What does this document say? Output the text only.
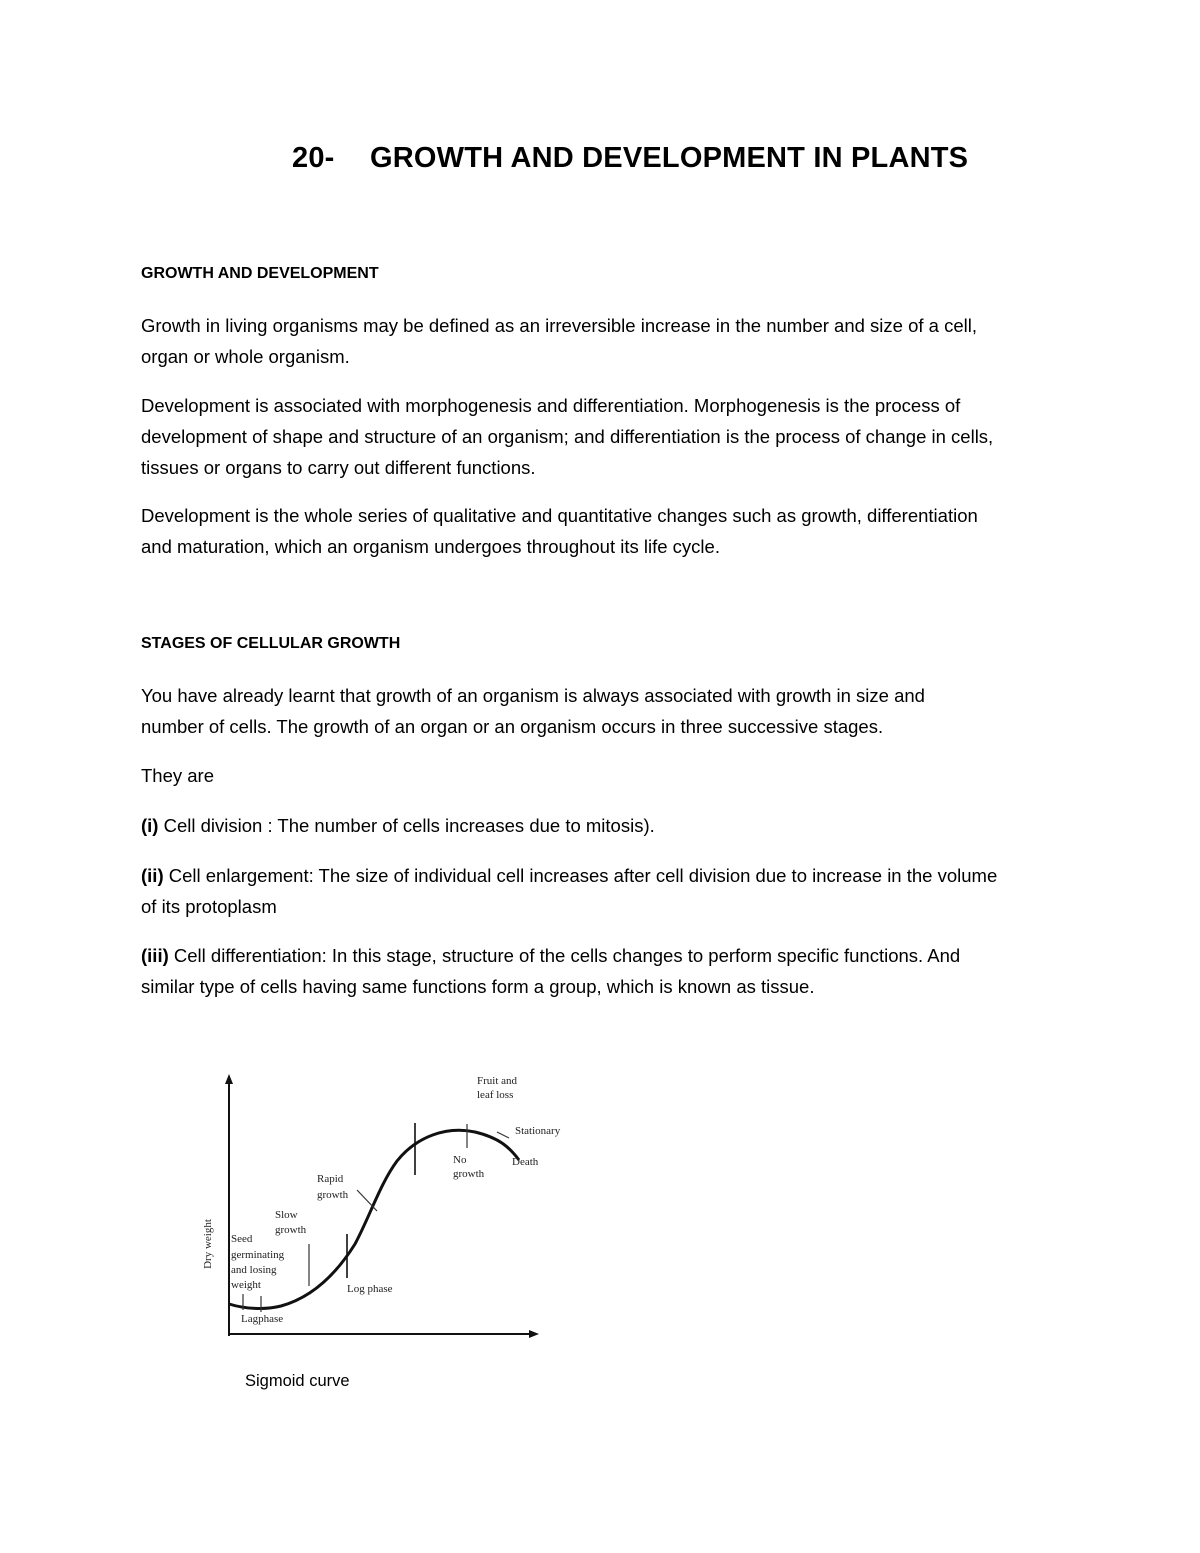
20- GROWTH AND DEVELOPMENT IN PLANTS
GROWTH AND DEVELOPMENT

Growth in living organisms may be defined as an irreversible increase in the number and size of a cell,
organ or whole organism.

Development is associated with morphogenesis and differentiation. Morphogenesis is the process of
development of shape and structure of an organism; and differentiation is the process of change in cells,
tissues or organs to carry out different functions.

Development is the whole series of qualitative and quantitative changes such as growth, differentiation
and maturation, which an organism undergoes throughout its life cycle.

STAGES OF CELLULAR GROWTH

You have already learnt that growth of an organism is always associated with growth in size and
number of cells. The growth of an organ or an organism occurs in three successive stages.

They are

(i) Cell division : The number of cells increases due to mitosis).

(ii) Cell enlargement: The size of individual cell increases after cell division due to increase in the volume
of its protoplasm

(iii) Cell differentiation: In this stage, structure of the cells changes to perform specific functions. And
similar type of cells having same functions form a group, which is known as tissue.

Dry weight
Fruit and
leaf loss
Stationary
No
growth
Death
Rapid
growth
Slow
growth
Seed
germinating
and losing
weight	Log phase
Lagphase
Sigmoid curve
